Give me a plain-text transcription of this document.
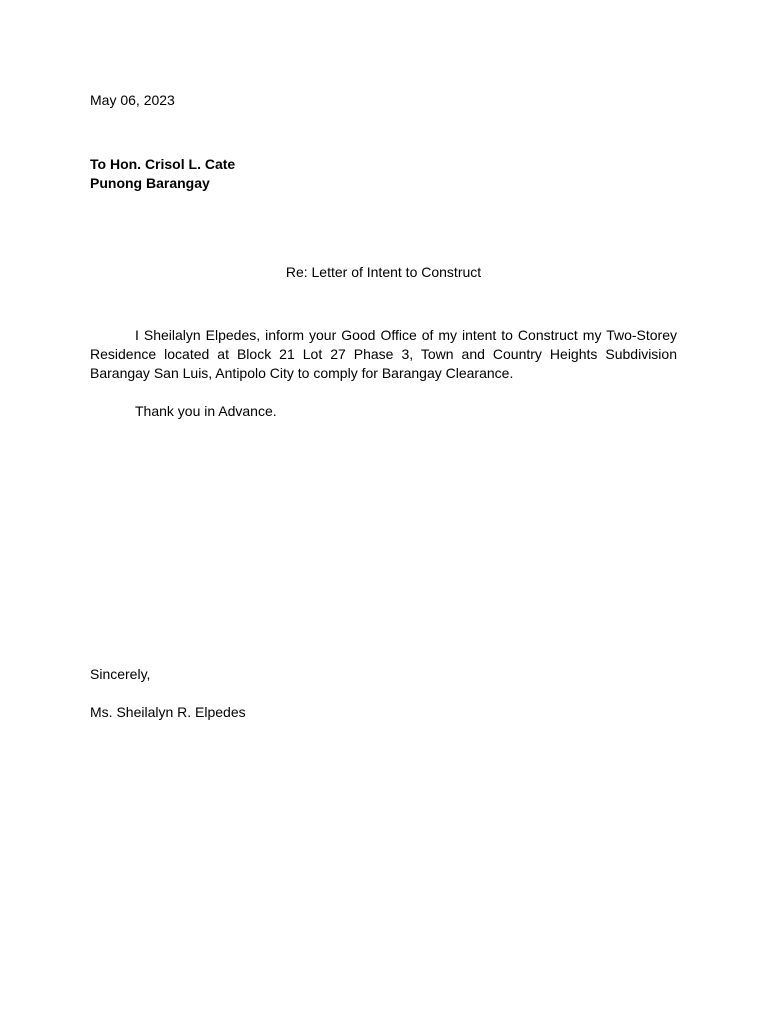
May 06, 2023
To Hon. Crisol L. Cate
Punong Barangay
Re: Letter of Intent to Construct
I Sheilalyn Elpedes, inform your Good Office of my intent to Construct my Two-Storey Residence located at Block 21 Lot 27 Phase 3, Town and Country Heights Subdivision Barangay San Luis, Antipolo City to comply for Barangay Clearance.
Thank you in Advance.
Sincerely,
Ms. Sheilalyn R. Elpedes
